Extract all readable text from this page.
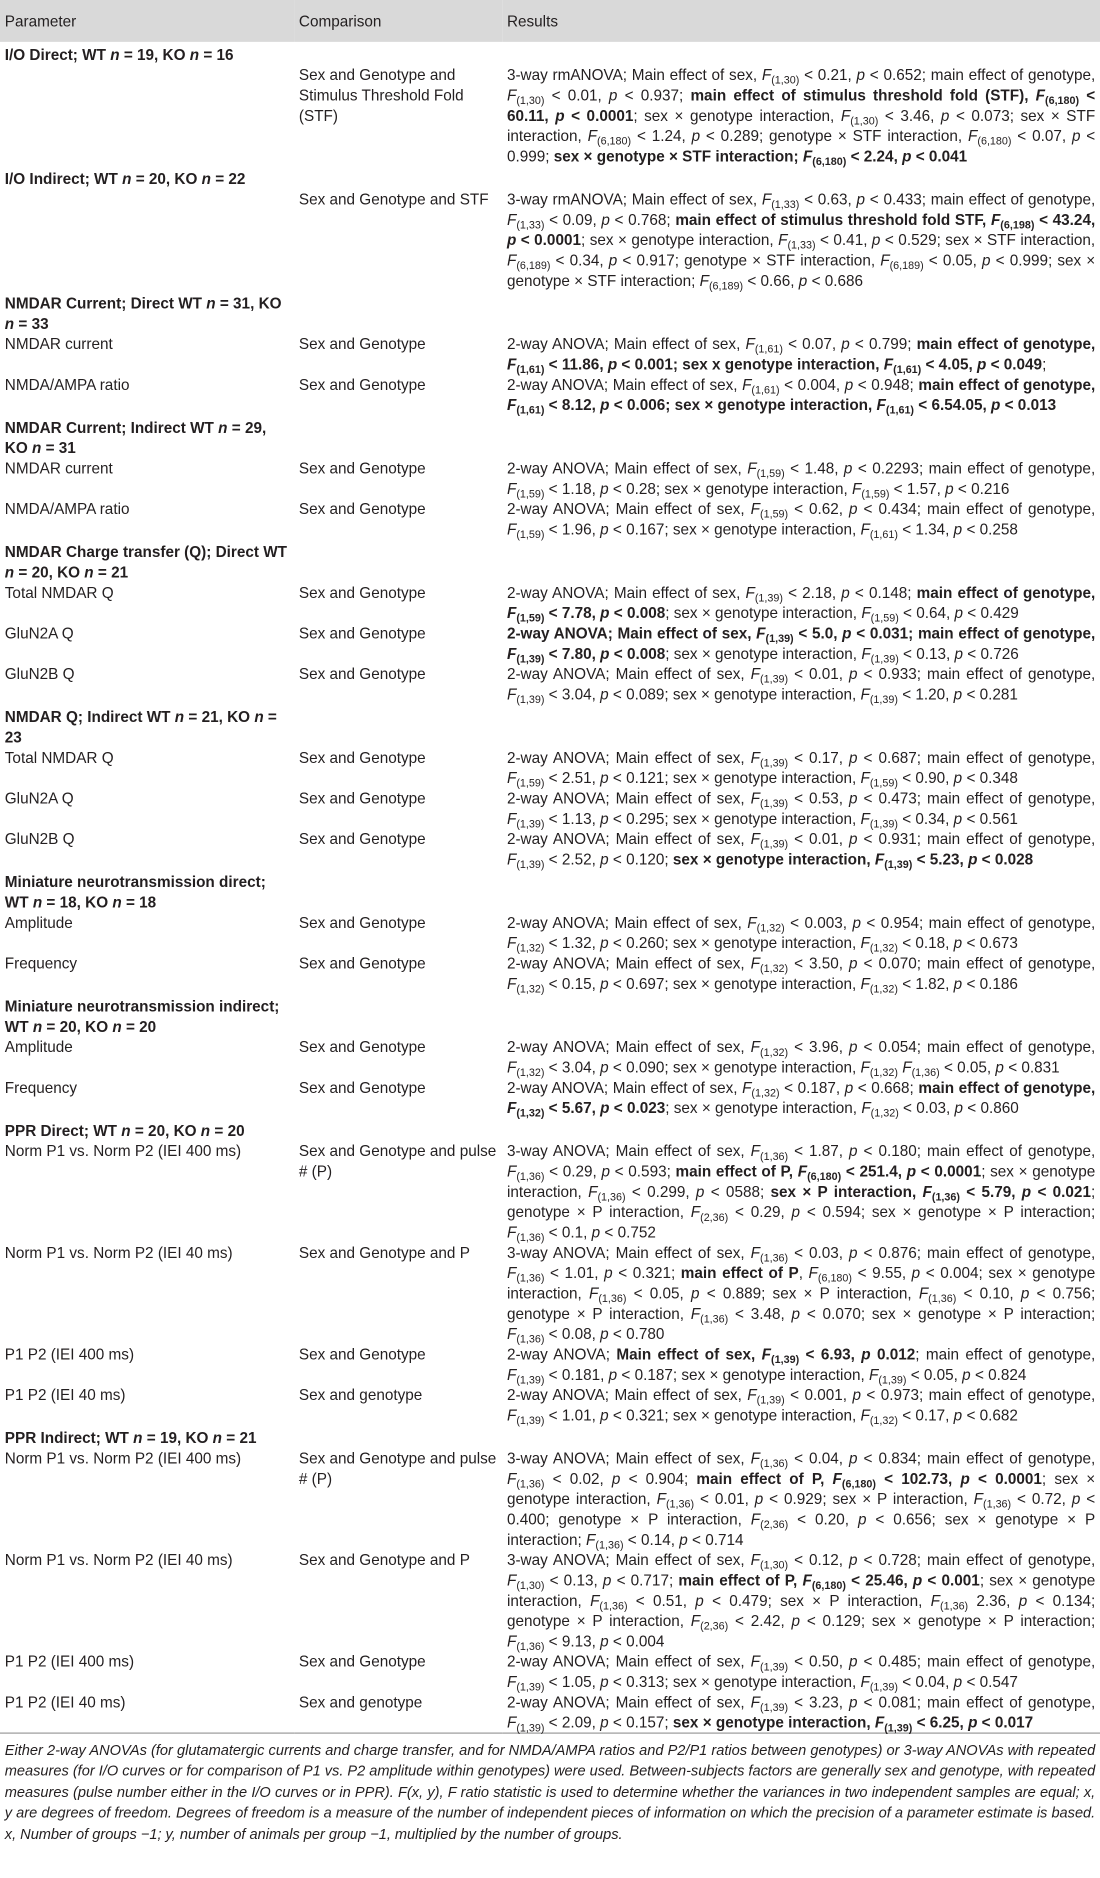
Parameter	Comparison	Results
I/O Direct; WT n = 19, KO n = 16		
	Sex and Genotype and Stimulus Threshold Fold (STF)	3-way rmANOVA; Main effect of sex, $F_{(1,30)} < 0.21$, p < 0.652; main effect of genotype, $F_{(1,30)} < 0.01$, p < 0.937; main effect of stimulus threshold fold (STF), $F_{(6,180)} < 60.11$, p < 0.0001; sex × genotype interaction, $F_{(1,30)} < 3.46$, p < 0.073; sex × STF interaction, $F_{(6,180)} < 1.24$, p < 0.289; genotype × STF interaction, $F_{(6,180)} < 0.07$, p < 0.999; sex × genotype × STF interaction; $F_{(6,180)} < 2.24$, p < 0.041
I/O Indirect; WT n = 20, KO n = 22		
	Sex and Genotype and STF	3-way rmANOVA; Main effect of sex, $F_{(1,33)} < 0.63$, p < 0.433; main effect of genotype, $F_{(1,33)} < 0.09$, p < 0.768; main effect of stimulus threshold fold STF, $F_{(6,198)} < 43.24$, p < 0.0001; sex × genotype interaction, $F_{(1,33)} < 0.41$, p < 0.529; sex × STF interaction, $F_{(6,189)} < 0.34$, p < 0.917; genotype × STF interaction, $F_{(6,189)} < 0.05$, p < 0.999; sex × genotype × STF interaction; $F_{(6,189)} < 0.66$, p < 0.686
NMDAR Current; Direct WT n = 31, KO n = 33		
NMDAR current	Sex and Genotype	2-way ANOVA; Main effect of sex, $F_{(1,61)} < 0.07$, p < 0.799; main effect of genotype, $F_{(1,61)} < 11.86$, p < 0.001; sex x genotype interaction, $F_{(1,61)} < 4.05$, p < 0.049;
NMDA/AMPA ratio	Sex and Genotype	2-way ANOVA; Main effect of sex, $F_{(1,61)} < 0.004$, p < 0.948; main effect of genotype, $F_{(1,61)} < 8.12$, p < 0.006; sex × genotype interaction, $F_{(1,61)} < 6.54.05$, p < 0.013
NMDAR Current; Indirect WT n = 29, KO n = 31		
NMDAR current	Sex and Genotype	2-way ANOVA; Main effect of sex, $F_{(1,59)} < 1.48$, p < 0.2293; main effect of genotype, $F_{(1,59)} < 1.18$, p < 0.28; sex × genotype interaction, $F_{(1,59)} < 1.57$, p < 0.216
NMDA/AMPA ratio	Sex and Genotype	2-way ANOVA; Main effect of sex, $F_{(1,59)} < 0.62$, p < 0.434; main effect of genotype, $F_{(1,59)} < 1.96$, p < 0.167; sex × genotype interaction, $F_{(1,61)} < 1.34$, p < 0.258
NMDAR Charge transfer (Q); Direct WT n = 20, KO n = 21		
Total NMDAR Q	Sex and Genotype	2-way ANOVA; Main effect of sex, $F_{(1,39)} < 2.18$, p < 0.148; main effect of genotype, $F_{(1,59)} < 7.78$, p < 0.008; sex × genotype interaction, $F_{(1,59)} < 0.64$, p < 0.429
GluN2A Q	Sex and Genotype	2-way ANOVA; Main effect of sex, $F_{(1,39)} < 5.0$, p < 0.031; main effect of genotype, $F_{(1,39)} < 7.80$, p < 0.008; sex × genotype interaction, $F_{(1,39)} < 0.13$, p < 0.726
GluN2B Q	Sex and Genotype	2-way ANOVA; Main effect of sex, $F_{(1,39)} < 0.01$, p < 0.933; main effect of genotype, $F_{(1,39)} < 3.04$, p < 0.089; sex × genotype interaction, $F_{(1,39)} < 1.20$, p < 0.281
NMDAR Q; Indirect WT n = 21, KO n = 23		
Total NMDAR Q	Sex and Genotype	2-way ANOVA; Main effect of sex, $F_{(1,39)} < 0.17$, p < 0.687; main effect of genotype, $F_{(1,59)} < 2.51$, p < 0.121; sex × genotype interaction, $F_{(1,59)} < 0.90$, p < 0.348
GluN2A Q	Sex and Genotype	2-way ANOVA; Main effect of sex, $F_{(1,39)} < 0.53$, p < 0.473; main effect of genotype, $F_{(1,39)} < 1.13$, p < 0.295; sex × genotype interaction, $F_{(1,39)} < 0.34$, p < 0.561
GluN2B Q	Sex and Genotype	2-way ANOVA; Main effect of sex, $F_{(1,39)} < 0.01$, p < 0.931; main effect of genotype, $F_{(1,39)} < 2.52$, p < 0.120; sex × genotype interaction, $F_{(1,39)} < 5.23$, p < 0.028
Miniature neurotransmission direct; WT n = 18, KO n = 18		
Amplitude	Sex and Genotype	2-way ANOVA; Main effect of sex, $F_{(1,32)} < 0.003$, p < 0.954; main effect of genotype, $F_{(1,32)} < 1.32$, p < 0.260; sex × genotype interaction, $F_{(1,32)} < 0.18$, p < 0.673
Frequency	Sex and Genotype	2-way ANOVA; Main effect of sex, $F_{(1,32)} < 3.50$, p < 0.070; main effect of genotype, $F_{(1,32)} < 0.15$, p < 0.697; sex × genotype interaction, $F_{(1,32)} < 1.82$, p < 0.186
Miniature neurotransmission indirect; WT n = 20, KO n = 20		
Amplitude	Sex and Genotype	2-way ANOVA; Main effect of sex, $F_{(1,32)} < 3.96$, p < 0.054; main effect of genotype, $F_{(1,32)} < 3.04$, p < 0.090; sex × genotype interaction, $F_{(1,32)}$ $F_{(1,36)} < 0.05$, p < 0.831
Frequency	Sex and Genotype	2-way ANOVA; Main effect of sex, $F_{(1,32)} < 0.187$, p < 0.668; main effect of genotype, $F_{(1,32)} < 5.67$, p < 0.023; sex × genotype interaction, $F_{(1,32)} < 0.03$, p < 0.860
PPR Direct; WT n = 20, KO n = 20		
Norm P1 vs. Norm P2 (IEI 400 ms)	Sex and Genotype and pulse # (P)	3-way ANOVA; Main effect of sex, $F_{(1,36)} < 1.87$, p < 0.180; main effect of genotype, $F_{(1,36)} < 0.29$, p < 0.593; main effect of P, $F_{(6,180)} < 251.4$, p < 0.0001; sex × genotype interaction, $F_{(1,36)} < 0.299$, p < 0588; sex × P interaction, $F_{(1,36)} < 5.79$, p < 0.021; genotype × P interaction, $F_{(2,36)} < 0.29$, p < 0.594; sex × genotype × P interaction; $F_{(1,36)} < 0.1$, p < 0.752
Norm P1 vs. Norm P2 (IEI 40 ms)	Sex and Genotype and P	3-way ANOVA; Main effect of sex, $F_{(1,36)} < 0.03$, p < 0.876; main effect of genotype, $F_{(1,36)} < 1.01$, p < 0.321; main effect of P, $F_{(6,180)} < 9.55$, p < 0.004; sex × genotype interaction, $F_{(1,36)} < 0.05$, p < 0.889; sex × P interaction, $F_{(1,36)} < 0.10$, p < 0.756; genotype × P interaction, $F_{(1,36)} < 3.48$, p < 0.070; sex × genotype × P interaction; $F_{(1,36)} < 0.08$, p < 0.780
P1 P2 (IEI 400 ms)	Sex and Genotype	2-way ANOVA; Main effect of sex, $F_{(1,39)} < 6.93$, p 0.012; main effect of genotype, $F_{(1,39)} < 0.181$, p < 0.187; sex × genotype interaction, $F_{(1,39)} < 0.05$, p < 0.824
P1 P2 (IEI 40 ms)	Sex and genotype	2-way ANOVA; Main effect of sex, $F_{(1,39)} < 0.001$, p < 0.973; main effect of genotype, $F_{(1,39)} < 1.01$, p < 0.321; sex × genotype interaction, $F_{(1,32)} < 0.17$, p < 0.682
PPR Indirect; WT n = 19, KO n = 21		
Norm P1 vs. Norm P2 (IEI 400 ms)	Sex and Genotype and pulse # (P)	3-way ANOVA; Main effect of sex, $F_{(1,36)} < 0.04$, p < 0.834; main effect of genotype, $F_{(1,36)} < 0.02$, p < 0.904; main effect of P, $F_{(6,180)} < 102.73$, p < 0.0001; sex × genotype interaction, $F_{(1,36)} < 0.01$, p < 0.929; sex × P interaction, $F_{(1,36)} < 0.72$, p < 0.400; genotype × P interaction, $F_{(2,36)} < 0.20$, p < 0.656; sex × genotype × P interaction; $F_{(1,36)} < 0.14$, p < 0.714
Norm P1 vs. Norm P2 (IEI 40 ms)	Sex and Genotype and P	3-way ANOVA; Main effect of sex, $F_{(1,30)} < 0.12$, p < 0.728; main effect of genotype, $F_{(1,30)} < 0.13$, p < 0.717; main effect of P, $F_{(6,180)} < 25.46$, p < 0.001; sex × genotype interaction, $F_{(1,36)} < 0.51$, p < 0.479; sex × P interaction, $F_{(1,36)}$ 2.36, p < 0.134; genotype × P interaction, $F_{(2,36)} < 2.42$, p < 0.129; sex × genotype × P interaction; $F_{(1,36)} < 9.13$, p < 0.004
P1 P2 (IEI 400 ms)	Sex and Genotype	2-way ANOVA; Main effect of sex, $F_{(1,39)} < 0.50$, p < 0.485; main effect of genotype, $F_{(1,39)} < 1.05$, p < 0.313; sex × genotype interaction, $F_{(1,39)} < 0.04$, p < 0.547
P1 P2 (IEI 40 ms)	Sex and genotype	2-way ANOVA; Main effect of sex, $F_{(1,39)} < 3.23$, p < 0.081; main effect of genotype, $F_{(1,39)} < 2.09$, p < 0.157; sex × genotype interaction, $F_{(1,39)} < 6.25$, p < 0.017
Either 2-way ANOVAs (for glutamatergic currents and charge transfer, and for NMDA/AMPA ratios and P2/P1 ratios between genotypes) or 3-way ANOVAs with repeated measures (for I/O curves or for comparison of P1 vs. P2 amplitude within genotypes) were used. Between-subjects factors are generally sex and genotype, with repeated measures (pulse number either in the I/O curves or in PPR). F(x, y), F ratio statistic is used to determine whether the variances in two independent samples are equal; x, y are degrees of freedom. Degrees of freedom is a measure of the number of independent pieces of information on which the precision of a parameter estimate is based. x, Number of groups −1; y, number of animals per group −1, multiplied by the number of groups.
